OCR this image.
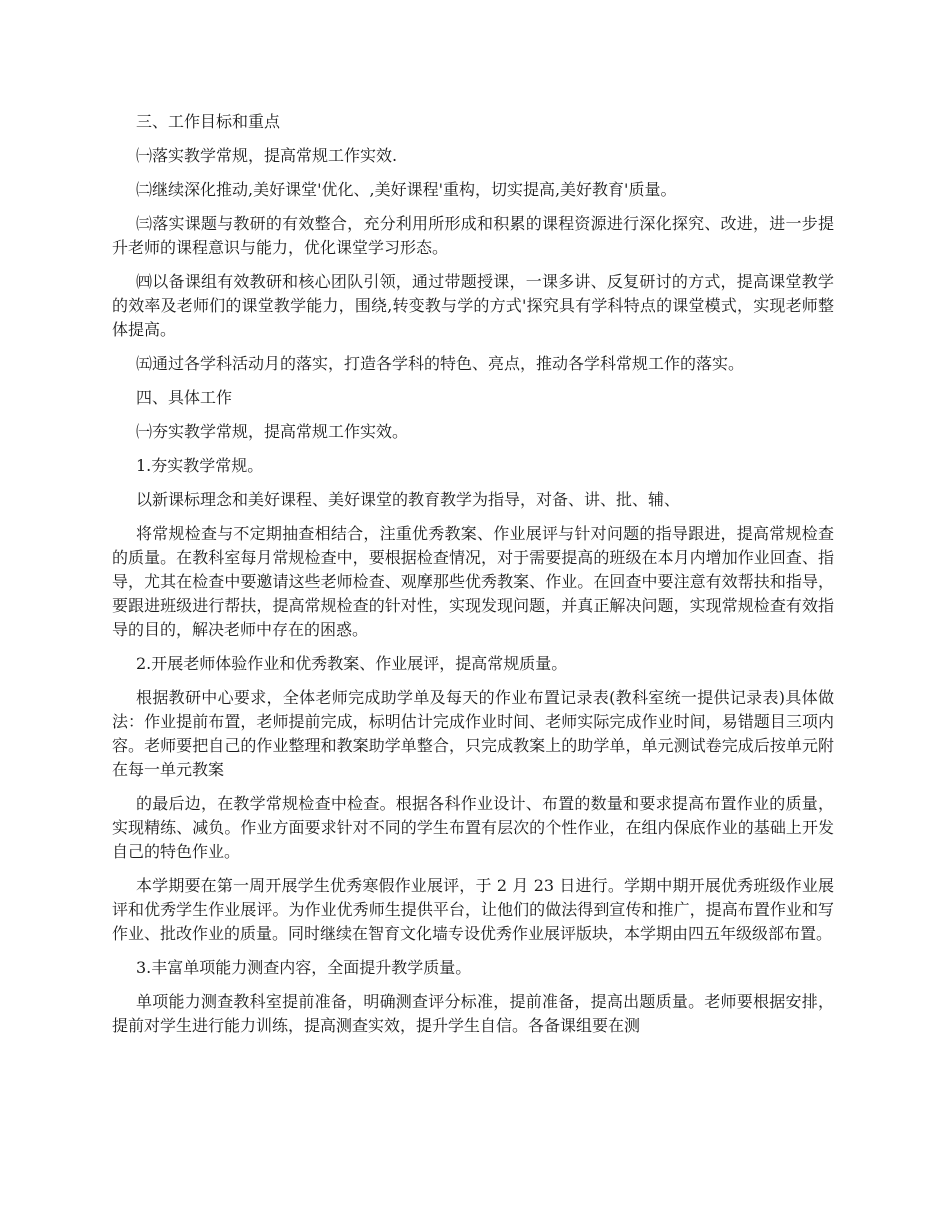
三、工作目标和重点

㈠落实教学常规，提高常规工作实效.

㈡继续深化推动,美好课堂'优化、,美好课程'重构，切实提高,美好教育'质量。

㈢落实课题与教研的有效整合，充分利用所形成和积累的课程资源进行深化探究、改进，进一步提升老师的课程意识与能力，优化课堂学习形态。

㈣以备课组有效教研和核心团队引领，通过带题授课，一课多讲、反复研讨的方式，提高课堂教学的效率及老师们的课堂教学能力，围绕,转变教与学的方式'探究具有学科特点的课堂模式，实现老师整体提高。

㈤通过各学科活动月的落实，打造各学科的特色、亮点，推动各学科常规工作的落实。

四、具体工作

㈠夯实教学常规，提高常规工作实效。

1.夯实教学常规。

以新课标理念和美好课程、美好课堂的教育教学为指导，对备、讲、批、辅、

将常规检查与不定期抽查相结合，注重优秀教案、作业展评与针对问题的指导跟进，提高常规检查的质量。在教科室每月常规检查中，要根据检查情况，对于需要提高的班级在本月内增加作业回查、指导，尤其在检查中要邀请这些老师检查、观摩那些优秀教案、作业。在回查中要注意有效帮扶和指导，要跟进班级进行帮扶，提高常规检查的针对性，实现发现问题，并真正解决问题，实现常规检查有效指导的目的，解决老师中存在的困惑。

2.开展老师体验作业和优秀教案、作业展评，提高常规质量。

根据教研中心要求，全体老师完成助学单及每天的作业布置记录表(教科室统一提供记录表)具体做法：作业提前布置，老师提前完成，标明估计完成作业时间、老师实际完成作业时间，易错题目三项内容。老师要把自己的作业整理和教案助学单整合，只完成教案上的助学单，单元测试卷完成后按单元附在每一单元教案

的最后边，在教学常规检查中检查。根据各科作业设计、布置的数量和要求提高布置作业的质量，实现精练、减负。作业方面要求针对不同的学生布置有层次的个性作业，在组内保底作业的基础上开发自己的特色作业。

本学期要在第一周开展学生优秀寒假作业展评，于 2 月 23 日进行。学期中期开展优秀班级作业展评和优秀学生作业展评。为作业优秀师生提供平台，让他们的做法得到宣传和推广，提高布置作业和写作业、批改作业的质量。同时继续在智育文化墙专设优秀作业展评版块，本学期由四五年级级部布置。

3.丰富单项能力测查内容，全面提升教学质量。

单项能力测查教科室提前准备，明确测查评分标准，提前准备，提高出题质量。老师要根据安排，提前对学生进行能力训练，提高测查实效，提升学生自信。各备课组要在测
